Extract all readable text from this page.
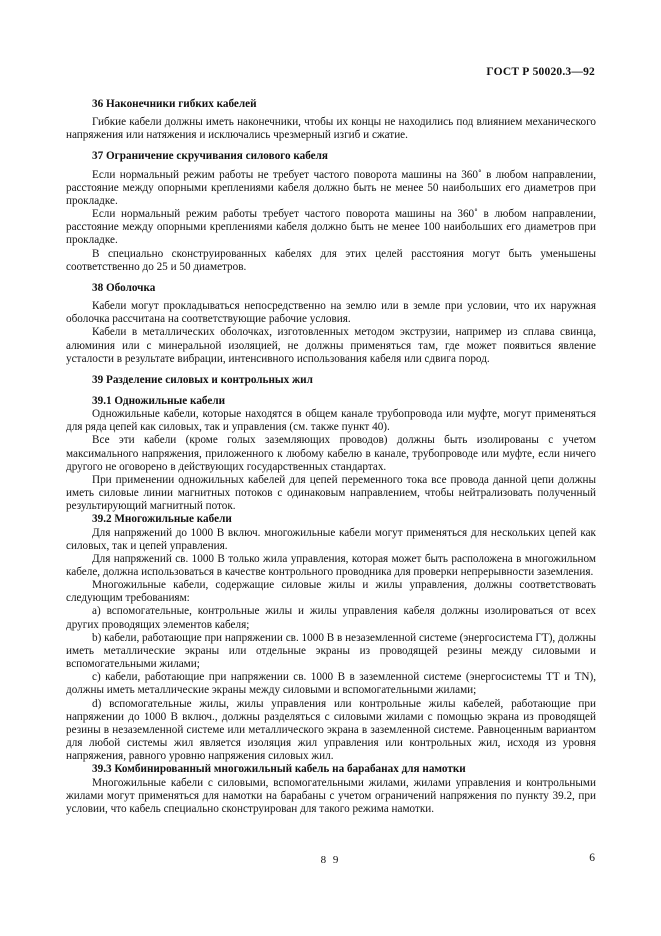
ГОСТ Р 50020.3—92
36 Наконечники гибких кабелей

Гибкие кабели должны иметь наконечники, чтобы их концы не находились под влиянием механического напряжения или натяжения и исключались чрезмерный изгиб и сжатие.

37 Ограничение скручивания силового кабеля

Если нормальный режим работы не требует частого поворота машины на 360˚ в любом направлении, расстояние между опорными креплениями кабеля должно быть не менее 50 наибольших его диаметров при прокладке.

Если нормальный режим работы требует частого поворота машины на 360˚ в любом направлении, расстояние между опорными креплениями кабеля должно быть не менее 100 наибольших его диаметров при прокладке.

В специально сконструированных кабелях для этих целей расстояния могут быть уменьшены соответственно до 25 и 50 диаметров.

38 Оболочка

Кабели могут прокладываться непосредственно на землю или в земле при условии, что их наружная оболочка рассчитана на соответствующие рабочие условия.

Кабели в металлических оболочках, изготовленных методом экструзии, например из сплава свинца, алюминия или с минеральной изоляцией, не должны применяться там, где может появиться явление усталости в результате вибрации, интенсивного использования кабеля или сдвига пород.

39 Разделение силовых и контрольных жил
39.1 Одножильные кабели

Одножильные кабели, которые находятся в общем канале трубопровода или муфте, могут применяться для ряда цепей как силовых, так и управления (см. также пункт 40).

Все эти кабели (кроме голых заземляющих проводов) должны быть изолированы с учетом максимального напряжения, приложенного к любому кабелю в канале, трубопроводе или муфте, если ничего другого не оговорено в действующих государственных стандартах.

При применении одножильных кабелей для цепей переменного тока все провода данной цепи должны иметь силовые линии магнитных потоков с одинаковым направлением, чтобы нейтрализовать полученный результирующий магнитный поток.

39.2 Многожильные кабели

Для напряжений до 1000 В включ. многожильные кабели могут применяться для нескольких цепей как силовых, так и цепей управления.

Для напряжений св. 1000 В только жила управления, которая может быть расположена в многожильном кабеле, должна использоваться в качестве контрольного проводника для проверки непрерывности заземления.

Многожильные кабели, содержащие силовые жилы и жилы управления, должны соответствовать следующим требованиям:

а) вспомогательные, контрольные жилы и жилы управления кабеля должны изолироваться от всех других проводящих элементов кабеля;

b) кабели, работающие при напряжении св. 1000 В в незаземленной системе (энергосистема ГТ), должны иметь металлические экраны или отдельные экраны из проводящей резины между силовыми и вспомогательными жилами;

c) кабели, работающие при напряжении св. 1000 В в заземленной системе (энергосистемы ТТ и TN), должны иметь металлические экраны между силовыми и вспомогательными жилами;

d) вспомогательные жилы, жилы управления или контрольные жилы кабелей, работающие при напряжении до 1000 В включ., должны разделяться с силовыми жилами с помощью экрана из проводящей резины в незаземленной системе или металлического экрана в заземленной системе. Равноценным вариантом для любой системы жил является изоляция жил управления или контрольных жил, исходя из уровня напряжения, равного уровню напряжения силовых жил.

39.3 Комбинированный многожильный кабель на барабанах для намотки

Многожильные кабели с силовыми, вспомогательными жилами, жилами управления и контрольными жилами могут применяться для намотки на барабаны с учетом ограничений напряжения по пункту 39.2, при условии, что кабель специально сконструирован для такого режима намотки.

8 9	6
